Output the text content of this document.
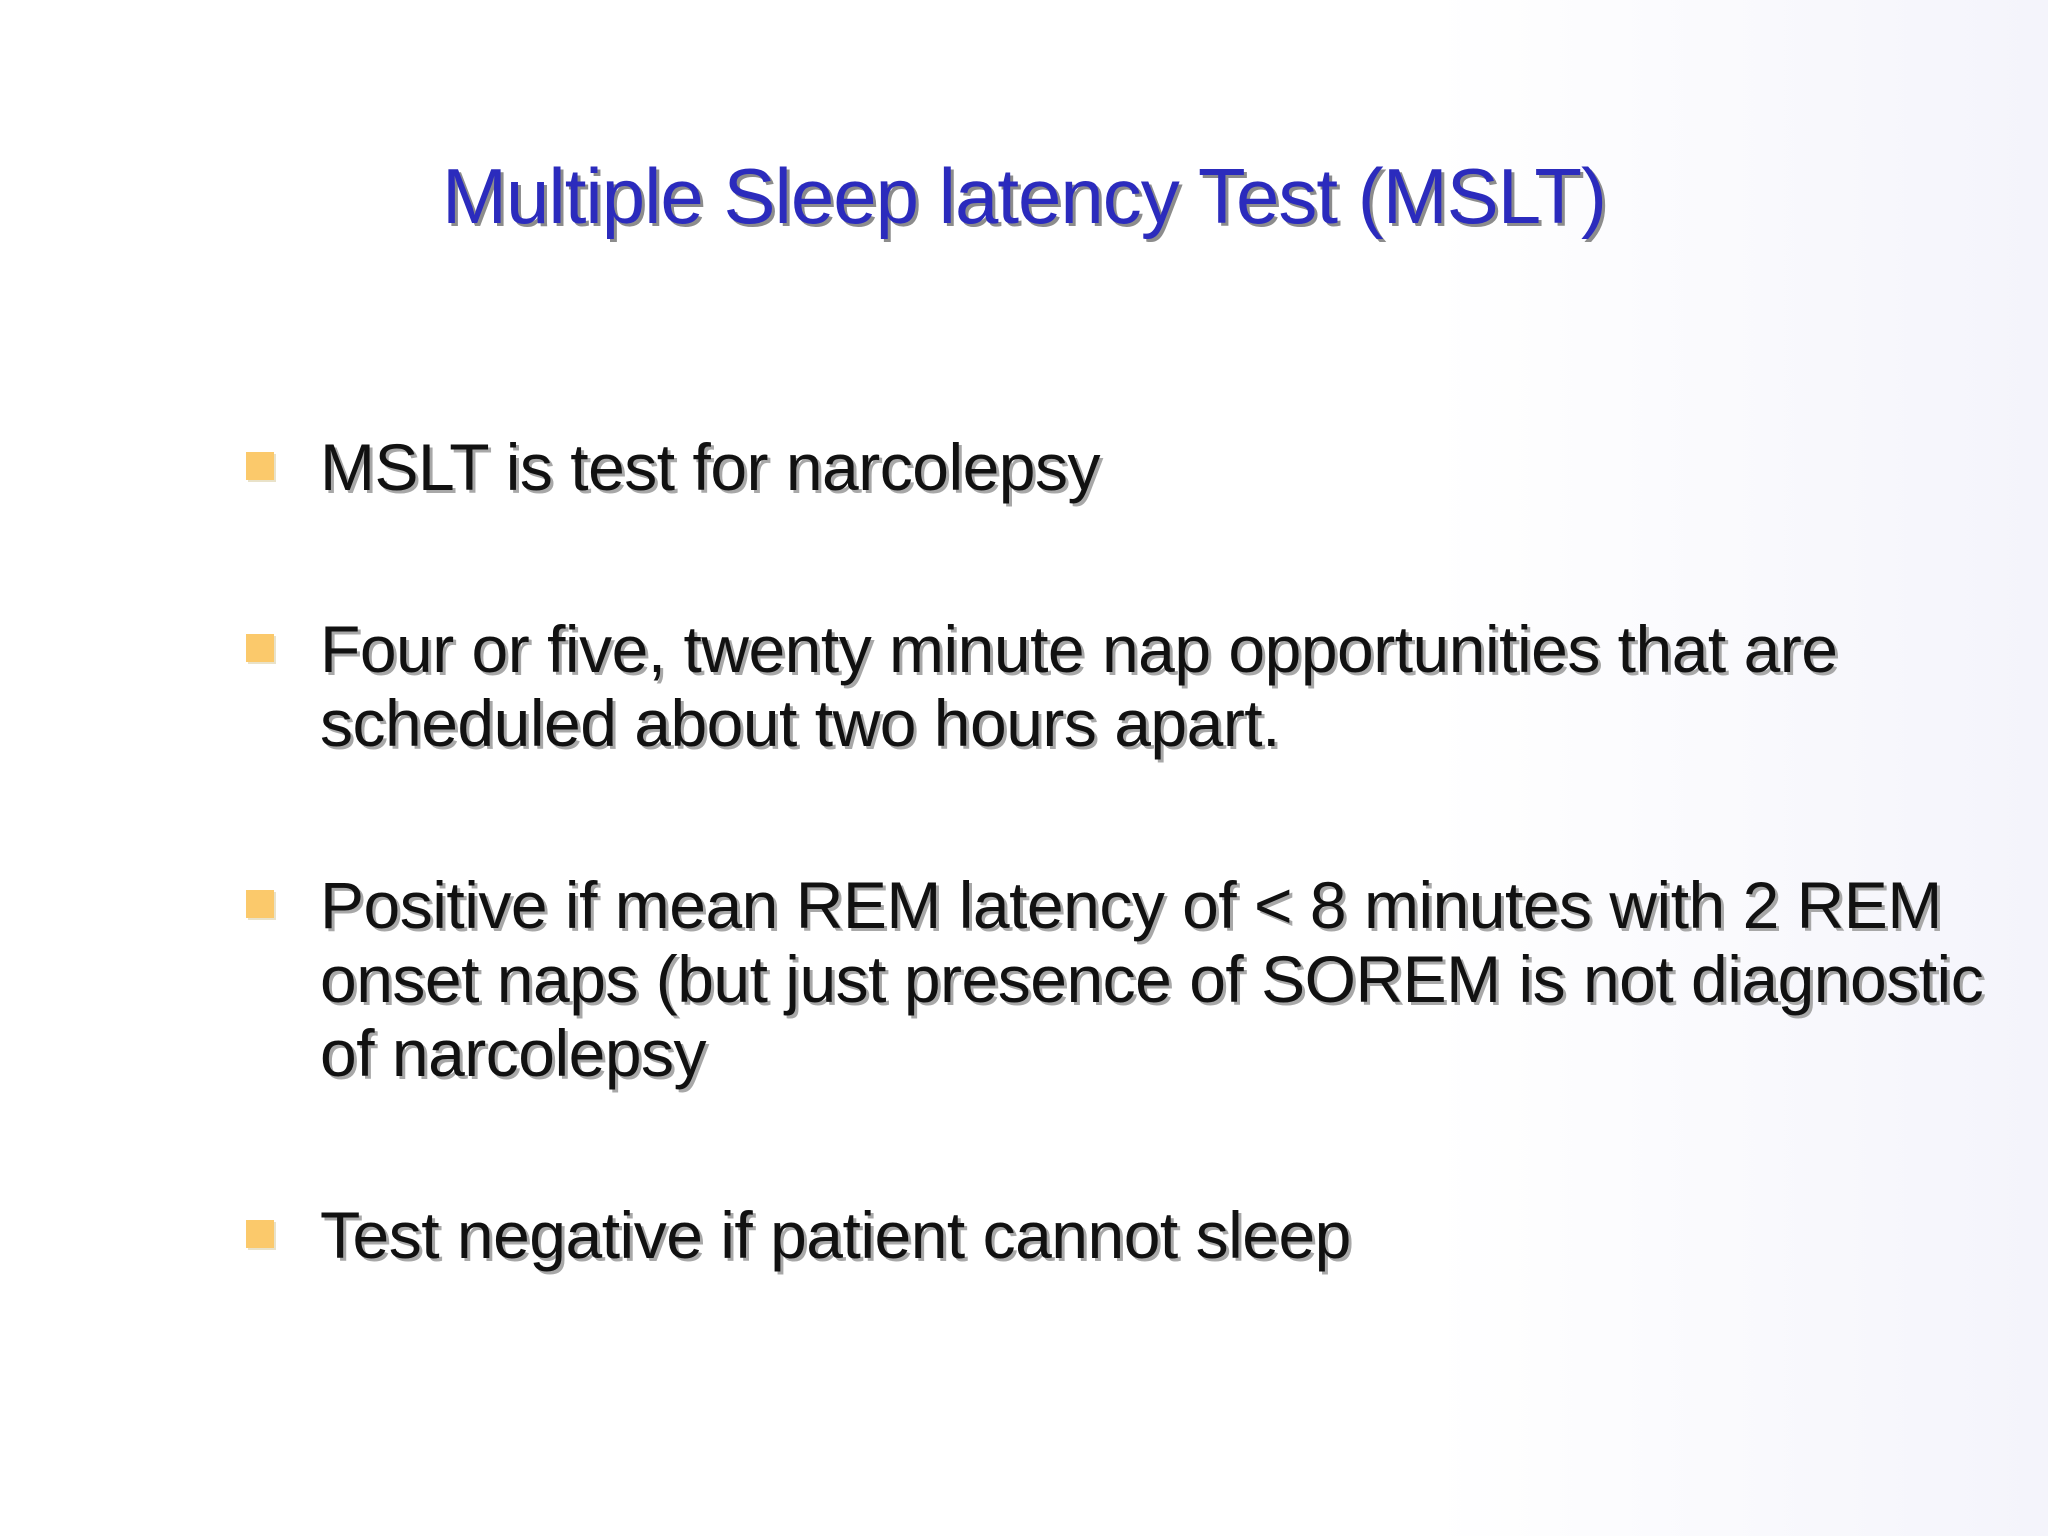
Multiple Sleep latency Test (MSLT)
MSLT is test for narcolepsy
Four or five, twenty minute nap opportunities that are scheduled about two hours apart.
Positive if mean REM latency of < 8 minutes with 2 REM onset naps (but just presence of SOREM is not diagnostic of narcolepsy
Test negative if patient cannot sleep
